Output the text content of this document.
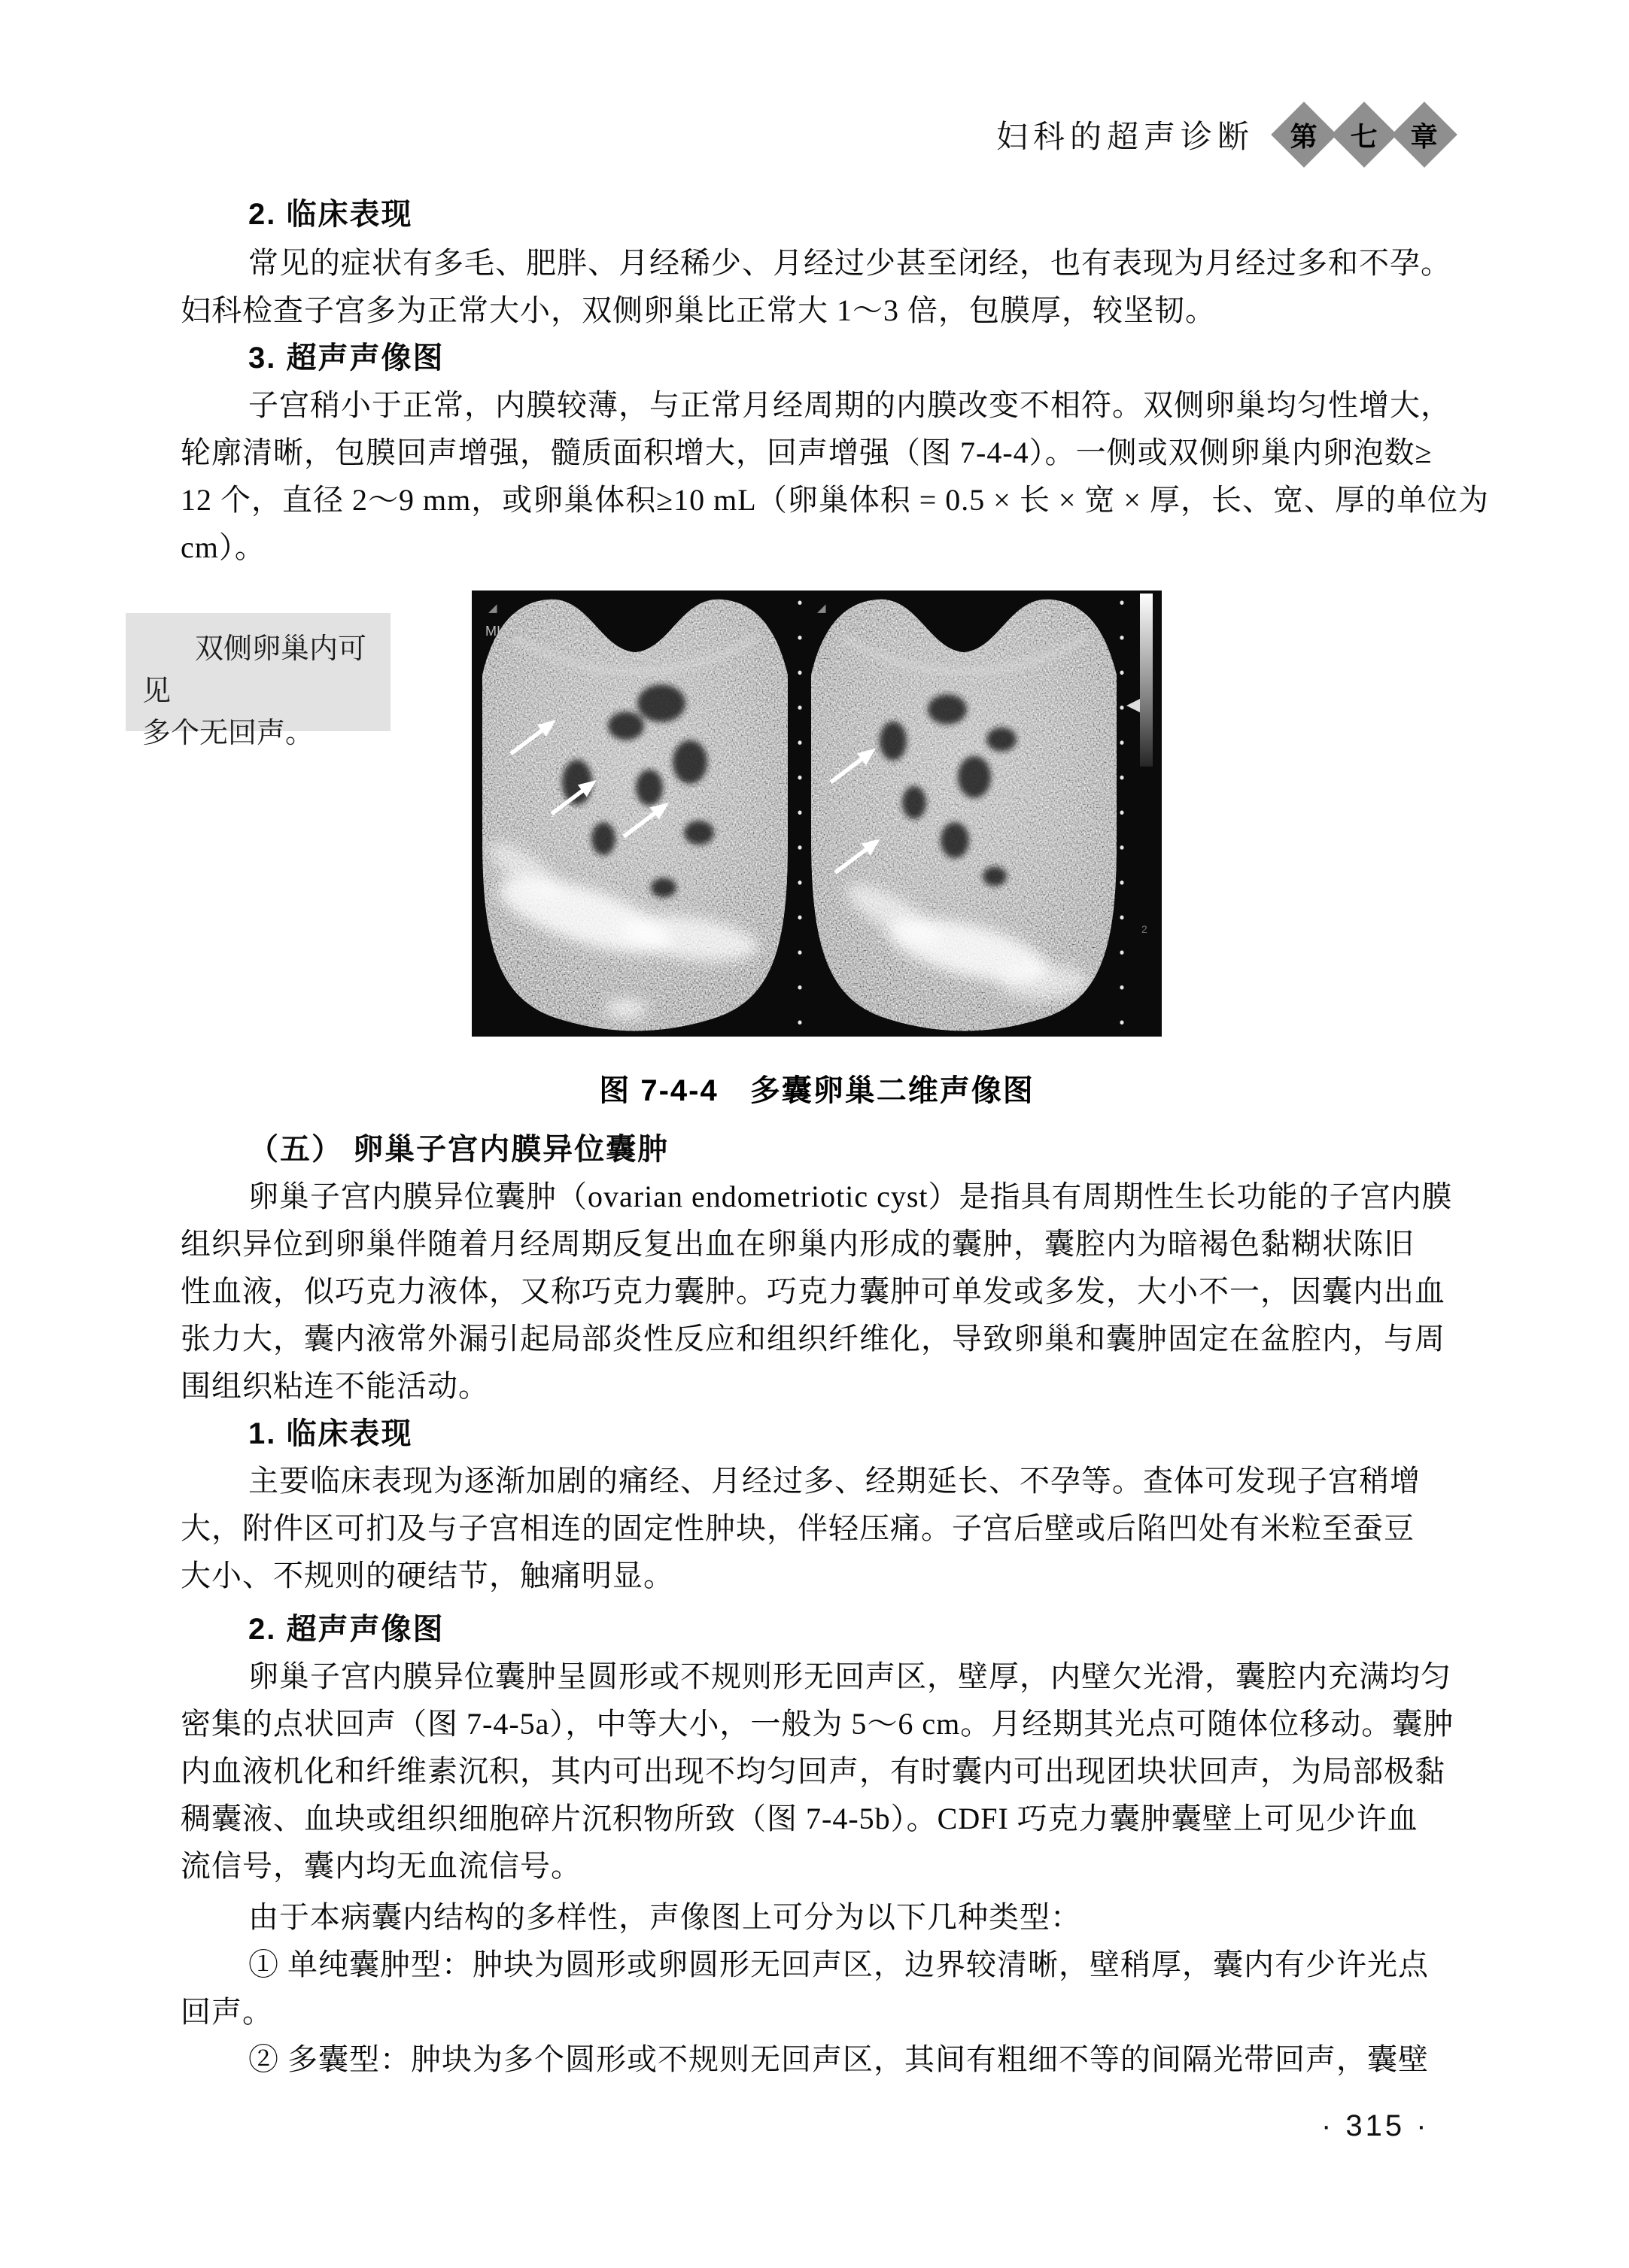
妇科的超声诊断 第 七 章
2. 临床表现
常见的症状有多毛、肥胖、月经稀少、月经过少甚至闭经，也有表现为月经过多和不孕。
妇科检查子宫多为正常大小，双侧卵巢比正常大 1～3 倍，包膜厚，较坚韧。
3. 超声声像图
子宫稍小于正常，内膜较薄，与正常月经周期的内膜改变不相符。双侧卵巢均匀性增大，
轮廓清晰，包膜回声增强，髓质面积增大，回声增强（图 7-4-4）。一侧或双侧卵巢内卵泡数≥
12 个，直径 2～9 mm，或卵巢体积≥10 mL（卵巢体积 = 0.5 × 长 × 宽 × 厚，长、宽、厚的单位为
cm）。
双侧卵巢内可见
多个无回声。
◢
MI: 0.0
◢
2
图 7-4-4　多囊卵巢二维声像图
（五） 卵巢子宫内膜异位囊肿
卵巢子宫内膜异位囊肿（ovarian endometriotic cyst）是指具有周期性生长功能的子宫内膜
组织异位到卵巢伴随着月经周期反复出血在卵巢内形成的囊肿，囊腔内为暗褐色黏糊状陈旧
性血液，似巧克力液体，又称巧克力囊肿。巧克力囊肿可单发或多发，大小不一，因囊内出血
张力大，囊内液常外漏引起局部炎性反应和组织纤维化，导致卵巢和囊肿固定在盆腔内，与周
围组织粘连不能活动。
1. 临床表现
主要临床表现为逐渐加剧的痛经、月经过多、经期延长、不孕等。查体可发现子宫稍增
大，附件区可扪及与子宫相连的固定性肿块，伴轻压痛。子宫后壁或后陷凹处有米粒至蚕豆
大小、不规则的硬结节，触痛明显。
2. 超声声像图
卵巢子宫内膜异位囊肿呈圆形或不规则形无回声区，壁厚，内壁欠光滑，囊腔内充满均匀
密集的点状回声（图 7-4-5a），中等大小，一般为 5～6 cm。月经期其光点可随体位移动。囊肿
内血液机化和纤维素沉积，其内可出现不均匀回声，有时囊内可出现团块状回声，为局部极黏
稠囊液、血块或组织细胞碎片沉积物所致（图 7-4-5b）。CDFI 巧克力囊肿囊壁上可见少许血
流信号，囊内均无血流信号。
由于本病囊内结构的多样性，声像图上可分为以下几种类型：
① 单纯囊肿型：肿块为圆形或卵圆形无回声区，边界较清晰，壁稍厚，囊内有少许光点
回声。
② 多囊型：肿块为多个圆形或不规则无回声区，其间有粗细不等的间隔光带回声，囊壁
· 315 ·
